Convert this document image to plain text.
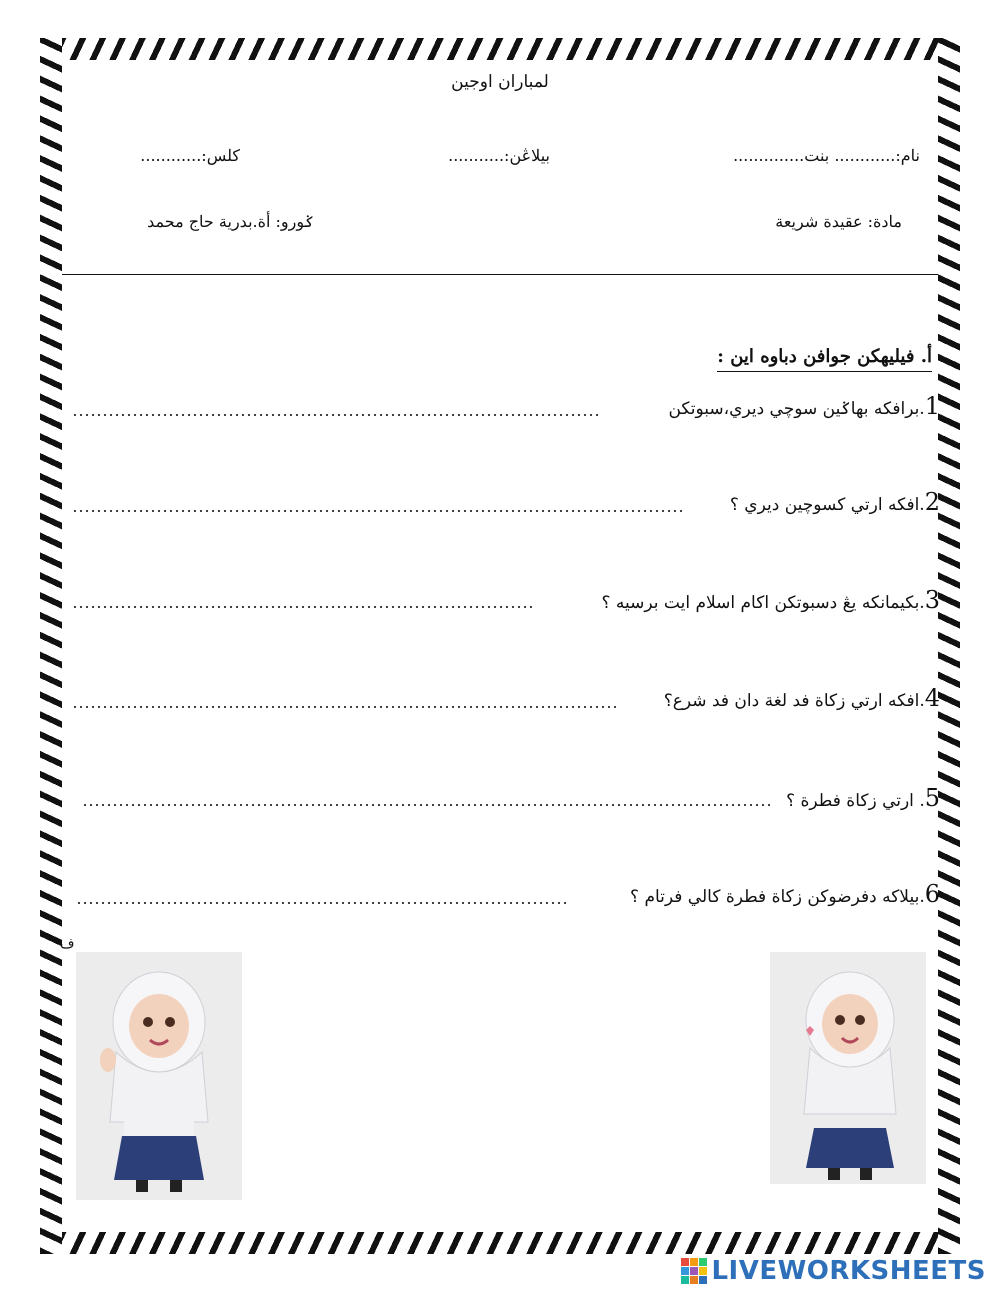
لمباران اوجين
نام:............ بنت..............
بيلاڠن:...........
كلس:............
مادة: عقيدة شريعة
ݢورو: أة.بدرية حاج محمد
أ. فيليهكن جوافن دباوه اين :
1
.برافكه بهاݢين سوچي ديري،سبوتكن
2
.افكه ارتي كسوچين ديري ؟
3
.بكيمانكه يڠ دسبوتكن اكام اسلام ايت برسيه ؟
4
.افكه ارتي زكاة فد لغة دان فد شرع؟
5
. ارتي زكاة فطرة ؟
6
.بيلاكه دفرضوكن زكاة فطرة كالي فرتام ؟
ف
LIVEWORKSHEETS
